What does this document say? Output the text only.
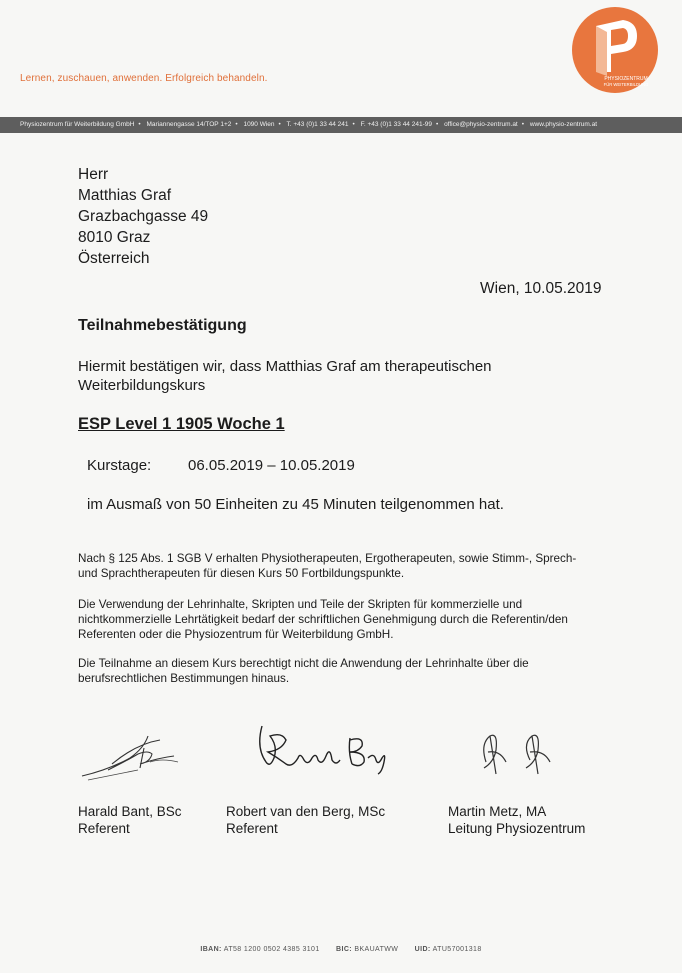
Lernen, zuschauen, anwenden. Erfolgreich behandeln.	PHYSIOZENTRUM
FÜR WEITERBILDUNG
Physiozentrum für Weiterbildung GmbH • Mariannengasse 14/TOP 1+2 • 1090 Wien • T. +43 (0)1 33 44 241 • F. +43 (0)1 33 44 241-99 • office@physio-zentrum.at • www.physio-zentrum.at
Herr
Matthias Graf
Grazbachgasse 49
8010 Graz
Österreich
Wien, 10.05.2019
Teilnahmebestätigung
Hiermit bestätigen wir, dass Matthias Graf am therapeutischen Weiterbildungskurs
ESP Level 1 1905 Woche 1
Kurstage: 06.05.2019 – 10.05.2019
im Ausmaß von 50 Einheiten zu 45 Minuten teilgenommen hat.
Nach § 125 Abs. 1 SGB V erhalten Physiotherapeuten, Ergotherapeuten, sowie Stimm-, Sprech- und Sprachtherapeuten für diesen Kurs 50 Fortbildungspunkte.
Die Verwendung der Lehrinhalte, Skripten und Teile der Skripten für kommerzielle und nichtkommerzielle Lehrtätigkeit bedarf der schriftlichen Genehmigung durch die Referentin/den Referenten oder die Physiozentrum für Weiterbildung GmbH.
Die Teilnahme an diesem Kurs berechtigt nicht die Anwendung der Lehrinhalte über die berufsrechtlichen Bestimmungen hinaus.
Harald Bant, BSc
Referent
Robert van den Berg, MSc
Referent
Martin Metz, MA
Leitung Physiozentrum
IBAN: AT58 1200 0502 4385 3101 BIC: BKAUATWW UID: ATU57001318
